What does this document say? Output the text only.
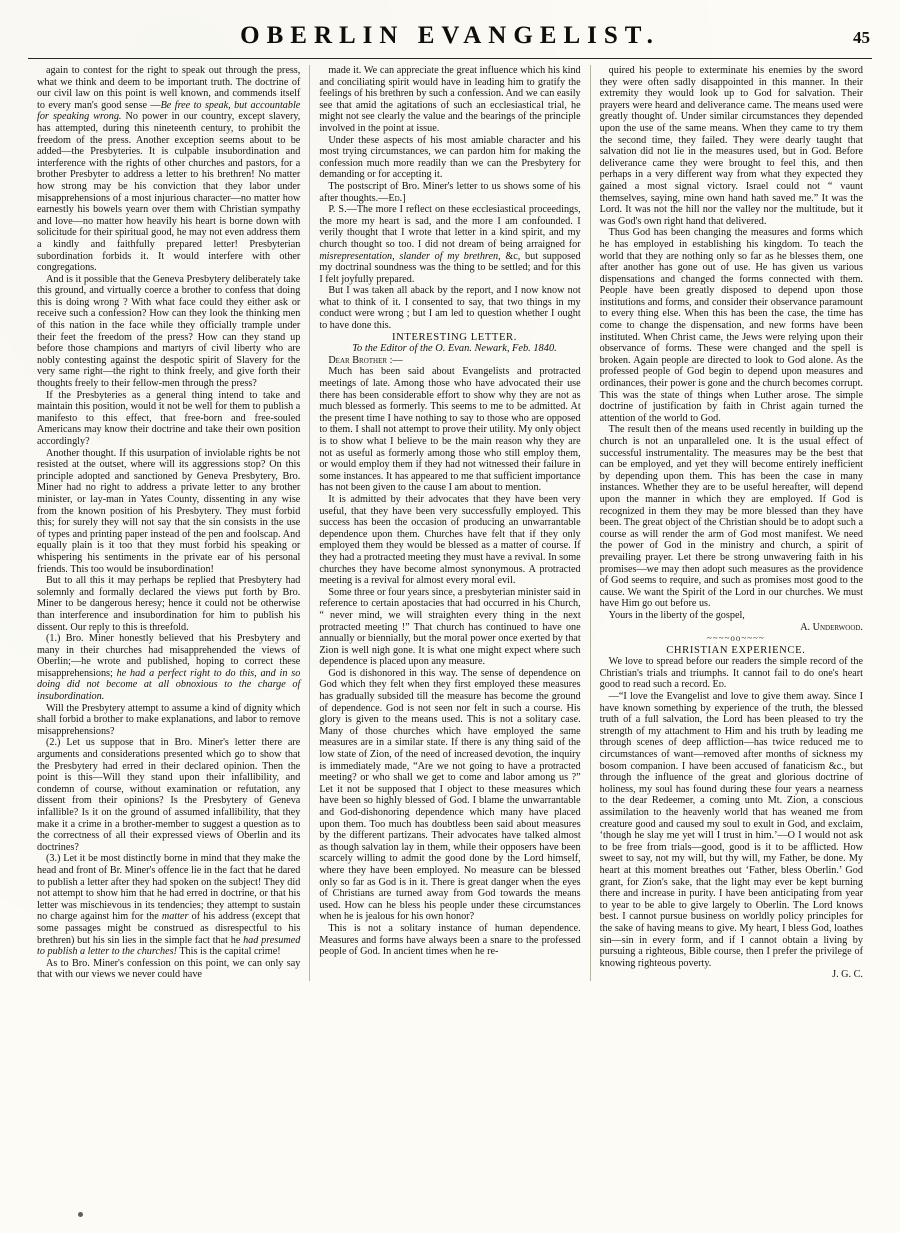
OBERLIN EVANGELIST.	45

again to contest for the right to speak out through the press, what we think and deem to be important truth. The doctrine of our civil law on this point is well known, and commends itself to every man's good sense —Be free to speak, but accountable for speaking wrong. No power in our country, except slavery, has attempted, during this nineteenth century, to prohibit the freedom of the press. Another exception seems about to be added—the Presbyteries. It is culpable insubordination and interference with the rights of other churches and pastors, for a brother Presbyter to address a letter to his brethren! No matter how strong may be his conviction that they labor under misapprehensions of a most injurious character—no matter how earnestly his bowels yearn over them with Christian sympathy and love—no matter how heavily his heart is borne down with solicitude for their spiritual good, he may not even address them a kindly and faithfully prepared letter! Presbyterian subordination forbids it. It would interfere with other congregations.

And is it possible that the Geneva Presbytery deliberately take this ground, and virtually coerce a brother to confess that doing this is doing wrong ? With what face could they either ask or receive such a confession? How can they look the thinking men of this nation in the face while they officially trample under their feet the freedom of the press? How can they stand up before those champions and martyrs of civil liberty who are nobly contesting against the despotic spirit of Slavery for the very same right—the right to think freely, and give forth their thoughts freely to their fellow-men through the press?

If the Presbyteries as a general thing intend to take and maintain this position, would it not be well for them to publish a manifesto to this effect, that free-born and free-souled Americans may know their doctrine and take their own position accordingly?

Another thought. If this usurpation of inviolable rights be not resisted at the outset, where will its aggressions stop? On this principle adopted and sanctioned by Geneva Presbytery, Bro. Miner had no right to address a private letter to any brother minister, or lay-man in Yates County, dissenting in any wise from the known position of his Presbytery. They must forbid this; for surely they will not say that the sin consists in the use of types and printing paper instead of the pen and foolscap. And equally plain is it too that they must forbid his speaking or whispering his sentiments in the private ear of his personal friends. This too would be insubordination!

But to all this it may perhaps be replied that Presbytery had solemnly and formally declared the views put forth by Bro. Miner to be dangerous heresy; hence it could not be otherwise than interference and insubordination for him to publish his dissent. Our reply to this is threefold.

(1.) Bro. Miner honestly believed that his Presbytery and many in their churches had misapprehended the views of Oberlin;—he wrote and published, hoping to correct these misapprehensions; he had a perfect right to do this, and in so doing did not become at all obnoxious to the charge of insubordination.

Will the Presbytery attempt to assume a kind of dignity which shall forbid a brother to make explanations, and labor to remove misapprehensions?

(2.) Let us suppose that in Bro. Miner's letter there are arguments and considerations presented which go to show that the Presbytery had erred in their declared opinion. Then the point is this—Will they stand upon their infallibility, and condemn of course, without examination or refutation, any dissent from their opinions? Is the Presbytery of Geneva infallible? Is it on the ground of assumed infallibility, that they make it a crime in a brother-member to suggest a question as to the correctness of all their expressed views of Oberlin and its doctrines?

(3.) Let it be most distinctly borne in mind that they make the head and front of Br. Miner's offence lie in the fact that he dared to publish a letter after they had spoken on the subject! They did not attempt to show him that he had erred in doctrine, or that his letter was mischievous in its tendencies; they attempt to sustain no charge against him for the matter of his address (except that some passages might be construed as disrespectful to his brethren) but his sin lies in the simple fact that he had presumed to publish a letter to the churches! This is the capital crime!

As to Bro. Miner's confession on this point, we can only say that with our views we never could have

made it. We can appreciate the great influence which his kind and conciliating spirit would have in leading him to gratify the feelings of his brethren by such a confession. And we can easily see that amid the agitations of such an ecclesiastical trial, he might not see clearly the value and the bearings of the principle involved in the point at issue.

Under these aspects of his most amiable character and his most trying circumstances, we can pardon him for making the confession much more readily than we can the Presbytery for demanding or for accepting it.

The postscript of Bro. Miner's letter to us shows some of his after thoughts.—Ed.]

P. S.—The more I reflect on these ecclesiastical proceedings, the more my heart is sad, and the more I am confounded. I verily thought that I wrote that letter in a kind spirit, and my church thought so too. I did not dream of being arraigned for misrepresentation, slander of my brethren, &c, but supposed my doctrinal soundness was the thing to be settled; and for this I felt joyfully prepared.

But I was taken all aback by the report, and I now know not what to think of it. I consented to say, that two things in my conduct were wrong ; but I am led to question whether I ought to have done this.

INTERESTING LETTER.

To the Editor of the O. Evan. Newark, Feb. 1840.

Dear Brother :—

Much has been said about Evangelists and protracted meetings of late. Among those who have advocated their use there has been considerable effort to show why they are not as much blessed as formerly. This seems to me to be admitted. At the present time I have nothing to say to those who are opposed to them. I shall not attempt to prove their utility. My only object is to show what I believe to be the main reason why they are not as useful as formerly among those who still employ them, or would employ them if they had not witnessed their failure in some instances. It has appeared to me that sufficient importance has not been given to the cause I am about to mention.

It is admitted by their advocates that they have been very useful, that they have been very successfully employed. This success has been the occasion of producing an unwarrantable dependence upon them. Churches have felt that if they only employed them they would be blessed as a matter of course. If they had a protracted meeting they must have a revival. In some churches they have become almost synonymous. A protracted meeting is a revival for almost every moral evil.

Some three or four years since, a presbyterian minister said in reference to certain apostacies that had occurred in his Church, “ never mind, we will straighten every thing in the next protracted meeting !” That church has continued to have one annually or biennially, but the moral power once exerted by that Zion is well nigh gone. It is what one might expect where such dependence is placed upon any measure.

God is dishonored in this way. The sense of dependence on God which they felt when they first employed these measures has gradually subsided till the measure has become the ground of dependence. God is not seen nor felt in such a course. His glory is given to the means used. This is not a solitary case. Many of those churches which have employed the same measures are in a similar state. If there is any thing said of the low state of Zion, of the need of increased devotion, the inquiry is immediately made, “Are we not going to have a protracted meeting? or who shall we get to come and labor among us ?” Let it not be supposed that I object to these measures which have been so highly blessed of God. I blame the unwarrantable and God-dishonoring dependence which many have placed upon them. Too much has doubtless been said about measures by the different partizans. Their advocates have talked almost as though salvation lay in them, while their opposers have been scarcely willing to admit the good done by the Lord himself, where they have been employed. No measure can be blessed only so far as God is in it. There is great danger when the eyes of Christians are turned away from God towards the means used. How can he bless his people under these circumstances when he is jealous for his own honor?

This is not a solitary instance of human dependence. Measures and forms have always been a snare to the professed people of God. In ancient times when he re-

quired his people to exterminate his enemies by the sword they were often sadly disappointed in this manner. In their extremity they would look up to God for salvation. Their prayers were heard and deliverance came. The means used were greatly thought of. Under similar circumstances they depended upon the use of the same means. When they came to try them the second time, they failed. They were dearly taught that salvation did not lie in the measures used, but in God. Before deliverance came they were brought to feel this, and then perhaps in a very different way from what they expected they gained a most signal victory. Israel could not “ vaunt themselves, saying, mine own hand hath saved me.” It was the Lord. It was not the hill nor the valley nor the multitude, but it was God's own right hand that delivered.

Thus God has been changing the measures and forms which he has employed in establishing his kingdom. To teach the world that they are nothing only so far as he blesses them, one after another has gone out of use. He has given us various dispensations and changed the forms connected with them. People have been greatly disposed to depend upon those institutions and forms, and consider their observance paramount to every thing else. When this has been the case, the time has come to change the dispensation, and new forms have been instituted. When Christ came, the Jews were relying upon their observance of forms. These were changed and the spell is broken. Again people are directed to look to God alone. As the professed people of God begin to depend upon measures and ordinances, their power is gone and the church becomes corrupt. This was the state of things when Luther arose. The simple doctrine of justification by faith in Christ again turned the attention of the world to God.

The result then of the means used recently in building up the church is not an unparalleled one. It is the usual effect of successful instrumentality. The measures may be the best that can be employed, and yet they will become entirely inefficient by depending upon them. This has been the case in many instances. Whether they are to be useful hereafter, will depend upon the manner in which they are employed. If God is recognized in them they may be more blessed than they have been. The great object of the Christian should be to adopt such a course as will render the arm of God most manifest. We need the power of God in the ministry and church, a spirit of prevailing prayer. Let there be strong unwavering faith in his promises—we may then adopt such measures as the providence of God seems to require, and such as promises most good to the cause. We want the Spirit of the Lord in our churches. We must have Him go out before us.

Yours in the liberty of the gospel,

A. Underwood.

~~~~oo~~~~

CHRISTIAN EXPERIENCE.

We love to spread before our readers the simple record of the Christian's trials and triumphs. It cannot fail to do one's heart good to read such a record. Ed.

—“I love the Evangelist and love to give them away. Since I have known something by experience of the truth, the blessed truth of a full salvation, the Lord has been pleased to try the strength of my attachment to Him and his truth by leading me through scenes of deep affliction—has twice reduced me to circumstances of want—removed after months of sickness my bosom companion. I have been accused of fanaticism &c., but through the influence of the great and glorious doctrine of holiness, my soul has found during these four years a nearness to the dear Redeemer, a coming unto Mt. Zion, a conscious assimilation to the heavenly world that has weaned me from creature good and caused my soul to exult in God, and exclaim, ‘though he slay me yet will I trust in him.’—O I would not ask to be free from trials—good, good is it to be afflicted. How sweet to say, not my will, but thy will, my Father, be done. My heart at this moment breathes out ‘Father, bless Oberlin.’ God grant, for Zion's sake, that the light may ever be kept burning there and increase in purity. I have been anticipating from year to year to be able to give largely to Oberlin. The Lord knows best. I cannot pursue business on worldly policy principles for the sake of having means to give. My heart, I bless God, loathes sin—sin in every form, and if I cannot obtain a living by pursuing a righteous, Bible course, then I prefer the privilege of knowing righteous poverty.

J. G. C.
